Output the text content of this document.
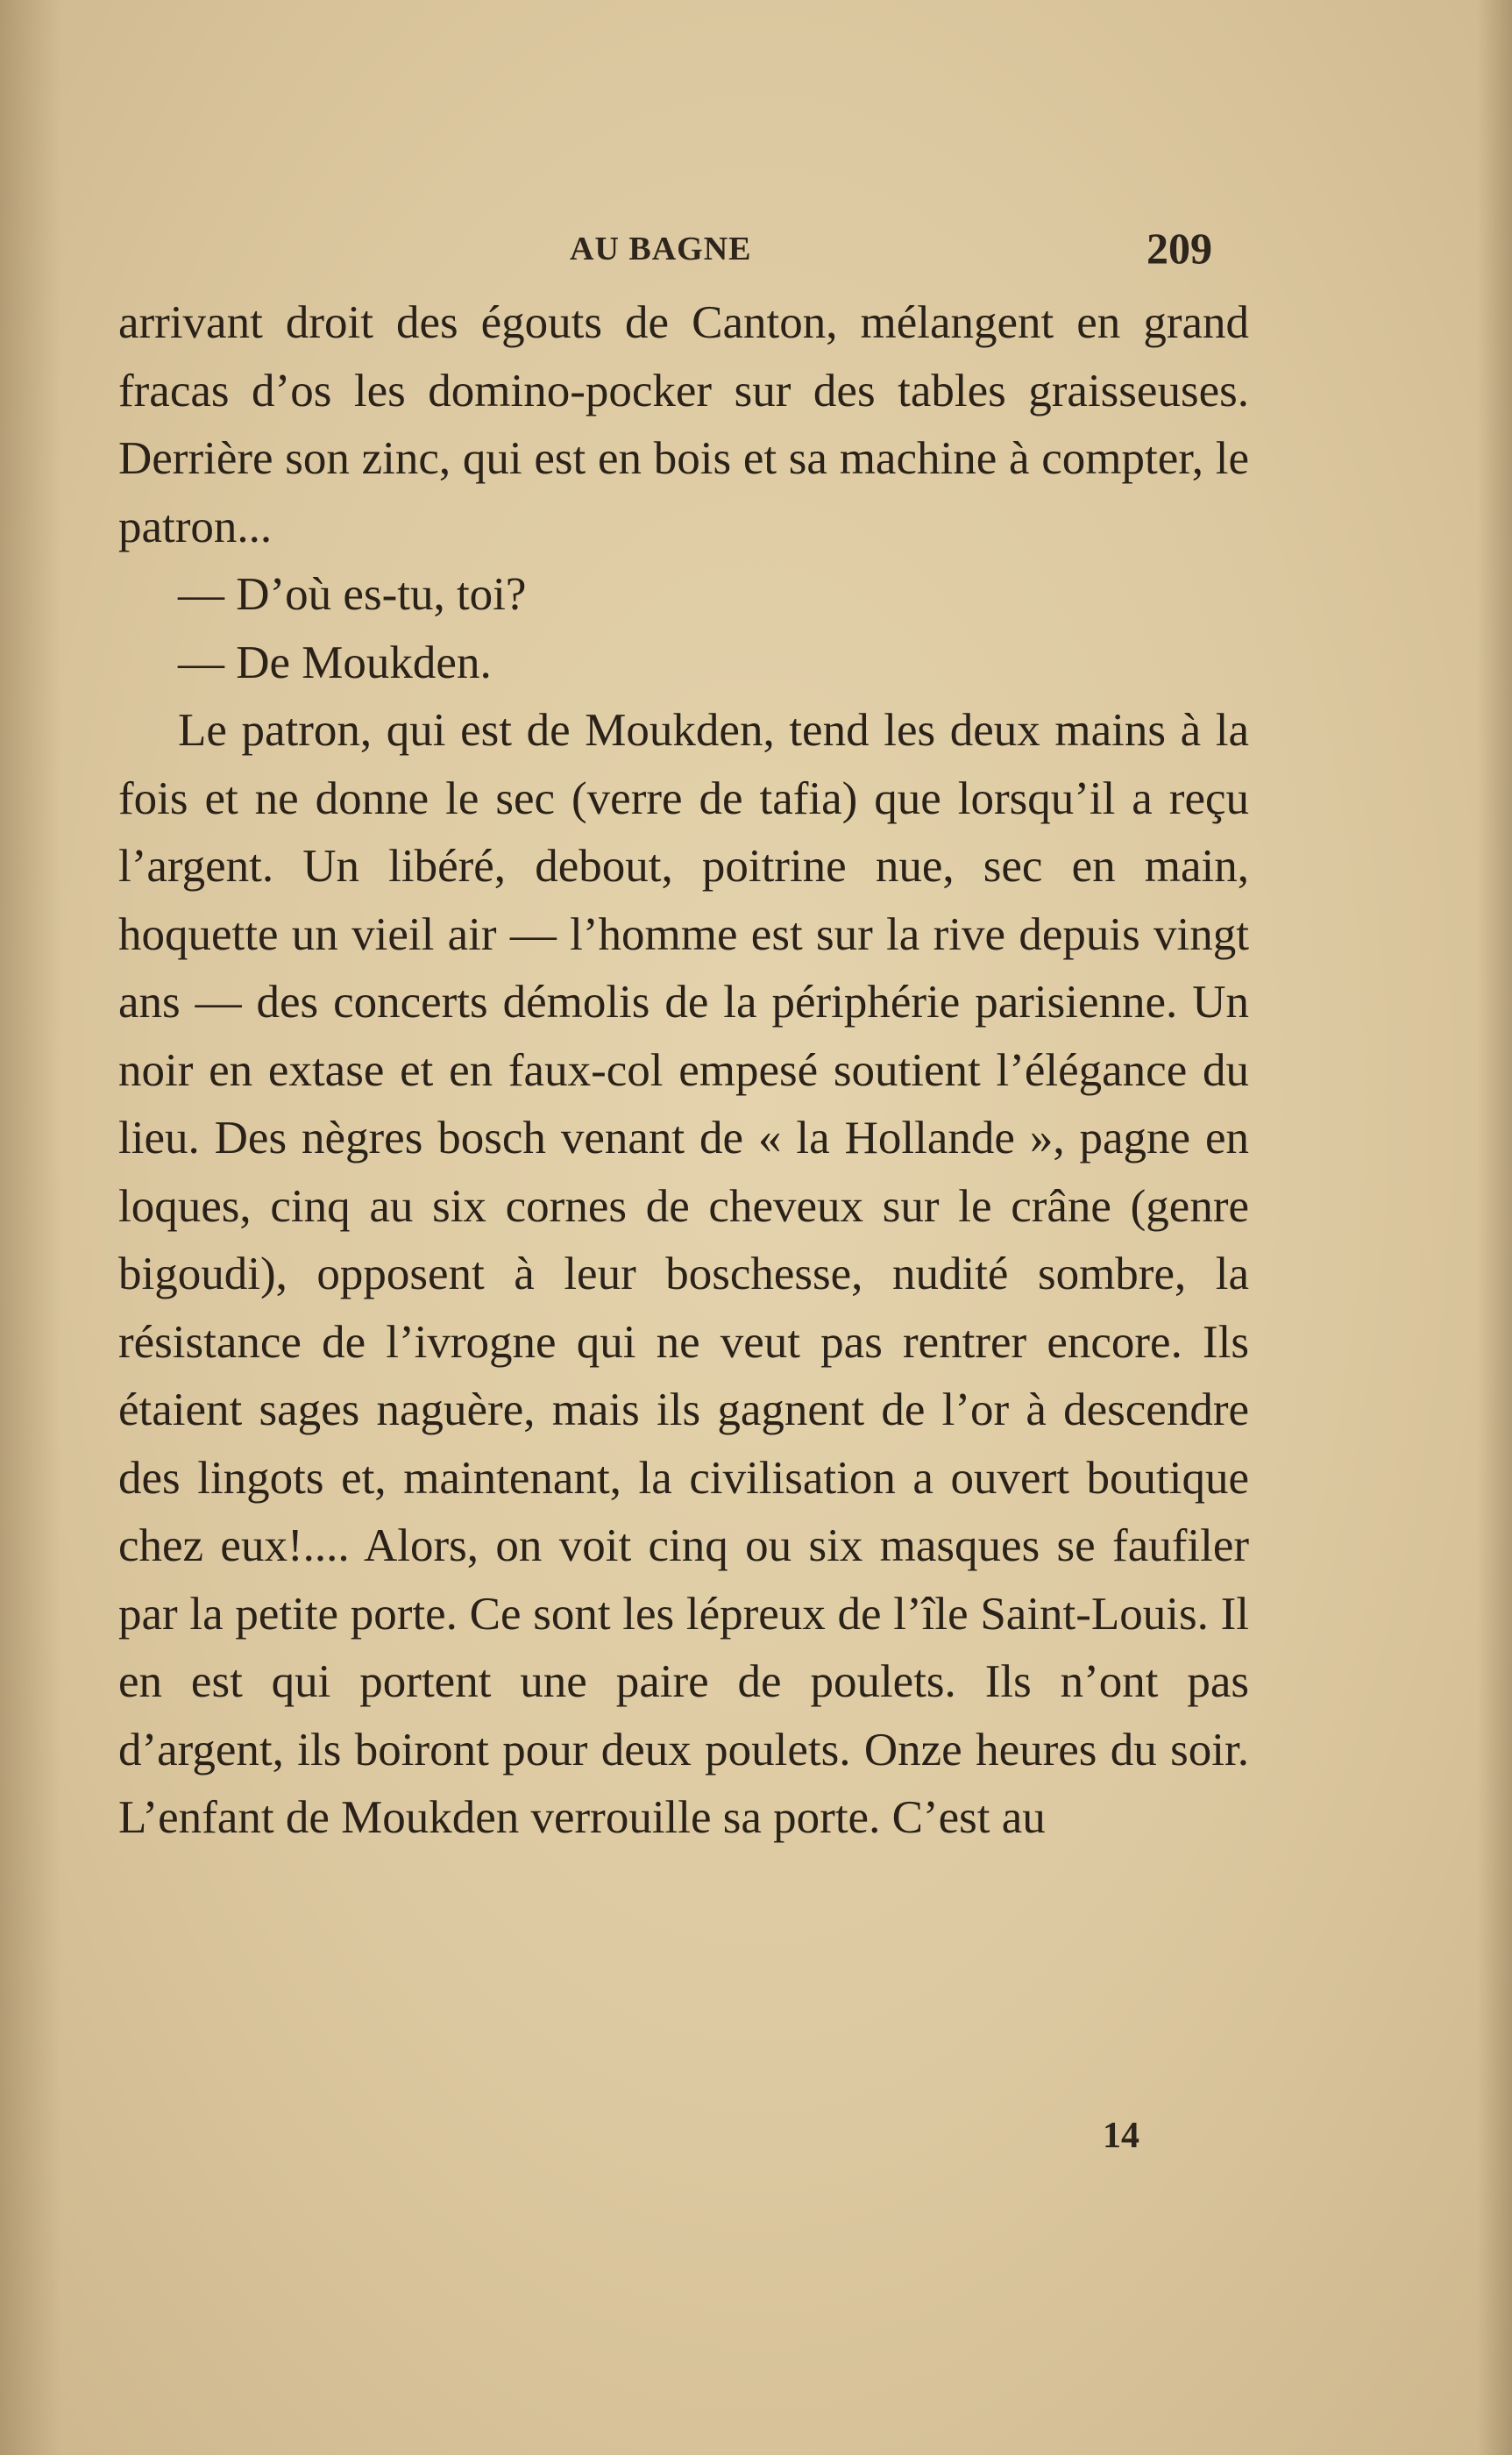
AU BAGNE	209

arrivant droit des égouts de Canton, mélangent en grand fracas d’os les domino-pocker sur des tables graisseuses. Derrière son zinc, qui est en bois et sa machine à compter, le patron...

— D’où es-tu, toi?

— De Moukden.

Le patron, qui est de Moukden, tend les deux mains à la fois et ne donne le sec (verre de tafia) que lorsqu’il a reçu l’argent. Un libéré, debout, poitrine nue, sec en main, hoquette un vieil air — l’homme est sur la rive depuis vingt ans — des concerts démolis de la périphérie parisienne. Un noir en extase et en faux-col empesé soutient l’élégance du lieu. Des nègres bosch venant de « la Hollande », pagne en loques, cinq au six cornes de cheveux sur le crâne (genre bigoudi), opposent à leur boschesse, nudité sombre, la résistance de l’ivrogne qui ne veut pas rentrer encore. Ils étaient sages naguère, mais ils gagnent de l’or à descendre des lingots et, maintenant, la civilisation a ouvert boutique chez eux!.... Alors, on voit cinq ou six masques se faufiler par la petite porte. Ce sont les lépreux de l’île Saint-Louis. Il en est qui portent une paire de poulets. Ils n’ont pas d’argent, ils boiront pour deux poulets. Onze heures du soir. L’enfant de Moukden verrouille sa porte. C’est au

14
